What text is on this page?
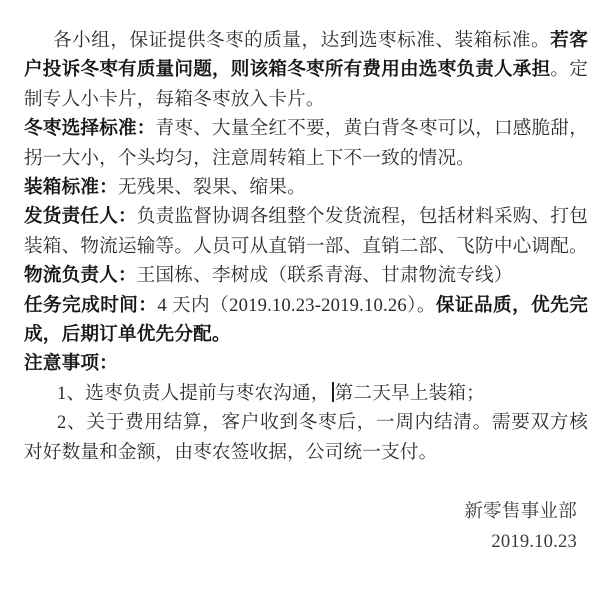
各小组，保证提供冬枣的质量，达到选枣标准、装箱标准。若客户投诉冬枣有质量问题，则该箱冬枣所有费用由选枣负责人承担。定制专人小卡片，每箱冬枣放入卡片。

冬枣选择标准：青枣、大量全红不要，黄白背冬枣可以，口感脆甜，拐一大小，个头均匀，注意周转箱上下不一致的情况。

装箱标准：无残果、裂果、缩果。

发货责任人：负责监督协调各组整个发货流程，包括材料采购、打包装箱、物流运输等。人员可从直销一部、直销二部、飞防中心调配。

物流负责人：王国栋、李树成（联系青海、甘肃物流专线）

任务完成时间：4 天内（2019.10.23-2019.10.26）。保证品质，优先完成，后期订单优先分配。

注意事项：

1、选枣负责人提前与枣农沟通， 第二天早上装箱；

2、关于费用结算，客户收到冬枣后，一周内结清。需要双方核对好数量和金额，由枣农签收据，公司统一支付。

新零售事业部

2019.10.23
